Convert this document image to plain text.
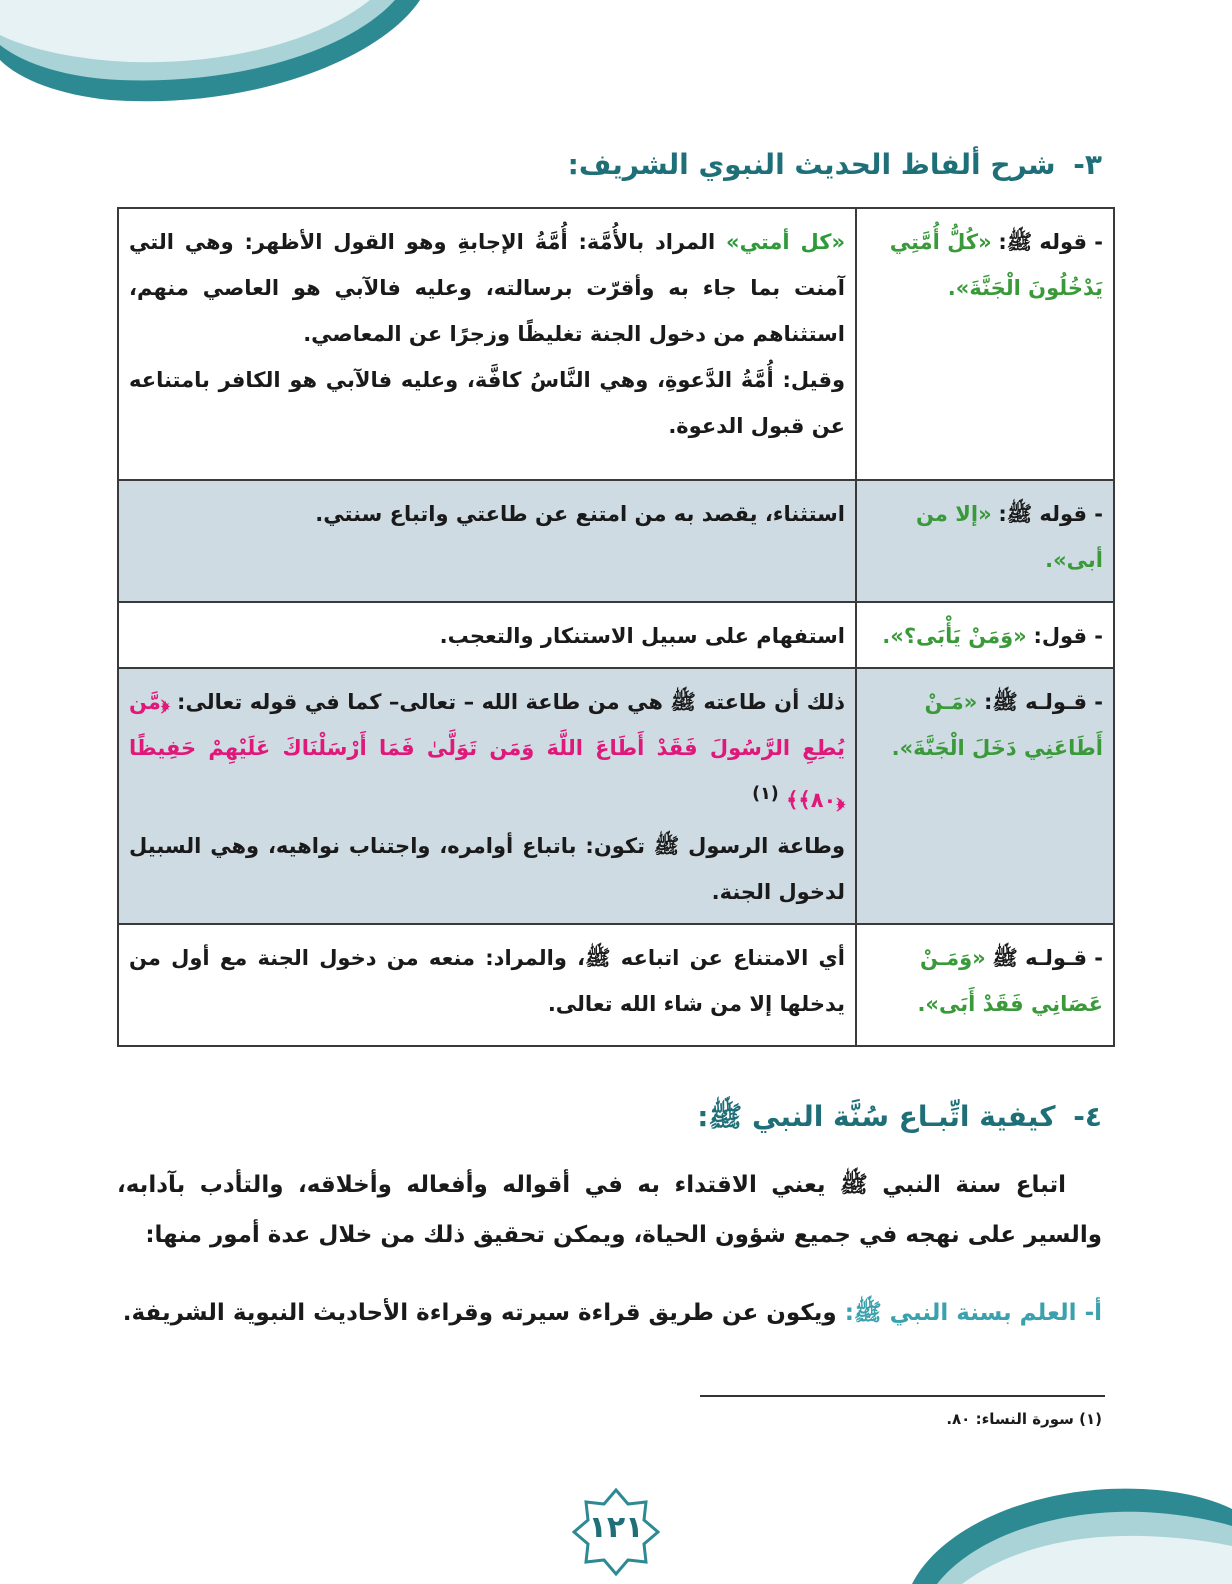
٣- شرح ألفاظ الحديث النبوي الشريف:
- قوله ﷺ: «كُلُّ أُمَّتِي يَدْخُلُونَ الْجَنَّةَ».	«كل أمتي» المراد بالأُمَّة: أُمَّةُ الإجابةِ وهو القول الأظهر: وهي التي آمنت بما جاء به وأقرّت برسالته، وعليه فالآبي هو العاصي منهم، استثناهم من دخول الجنة تغليظًا وزجرًا عن المعاصي.
وقيل: أُمَّةُ الدَّعوةِ، وهي النَّاسُ كافَّة، وعليه فالآبي هو الكافر بامتناعه عن قبول الدعوة.
- قوله ﷺ: «إلا من أبى».	استثناء، يقصد به من امتنع عن طاعتي واتباع سنتي.
- قول: «وَمَنْ يَأْبَى؟».	استفهام على سبيل الاستنكار والتعجب.
- قـولـه ﷺ: «مَـنْ أَطَاعَنِي دَخَلَ الْجَنَّةَ».	ذلك أن طاعته ﷺ هي من طاعة الله – تعالى– كما في قوله تعالى: ﴿مَّن يُطِعِ الرَّسُولَ فَقَدْ أَطَاعَ اللَّهَ وَمَن تَوَلَّىٰ فَمَا أَرْسَلْنَاكَ عَلَيْهِمْ حَفِيظًا ﴿٨٠﴾﴾ $^{(١)}$
وطاعة الرسول ﷺ تكون: باتباع أوامره، واجتناب نواهيه، وهي السبيل لدخول الجنة.
- قـولـه ﷺ «وَمَـنْ عَصَانِي فَقَدْ أَبَى».	أي الامتناع عن اتباعه ﷺ، والمراد: منعه من دخول الجنة مع أول من يدخلها إلا من شاء الله تعالى.
٤- كيفية اتِّبـاع سُنَّة النبي ﷺ:
اتباع سنة النبي ﷺ يعني الاقتداء به في أقواله وأفعاله وأخلاقه، والتأدب بآدابه، والسير على نهجه في جميع شؤون الحياة، ويمكن تحقيق ذلك من خلال عدة أمور منها:
أ- العلم بسنة النبي ﷺ: ويكون عن طريق قراءة سيرته وقراءة الأحاديث النبوية الشريفة.
(١) سورة النساء: ٨٠.
١٢١
